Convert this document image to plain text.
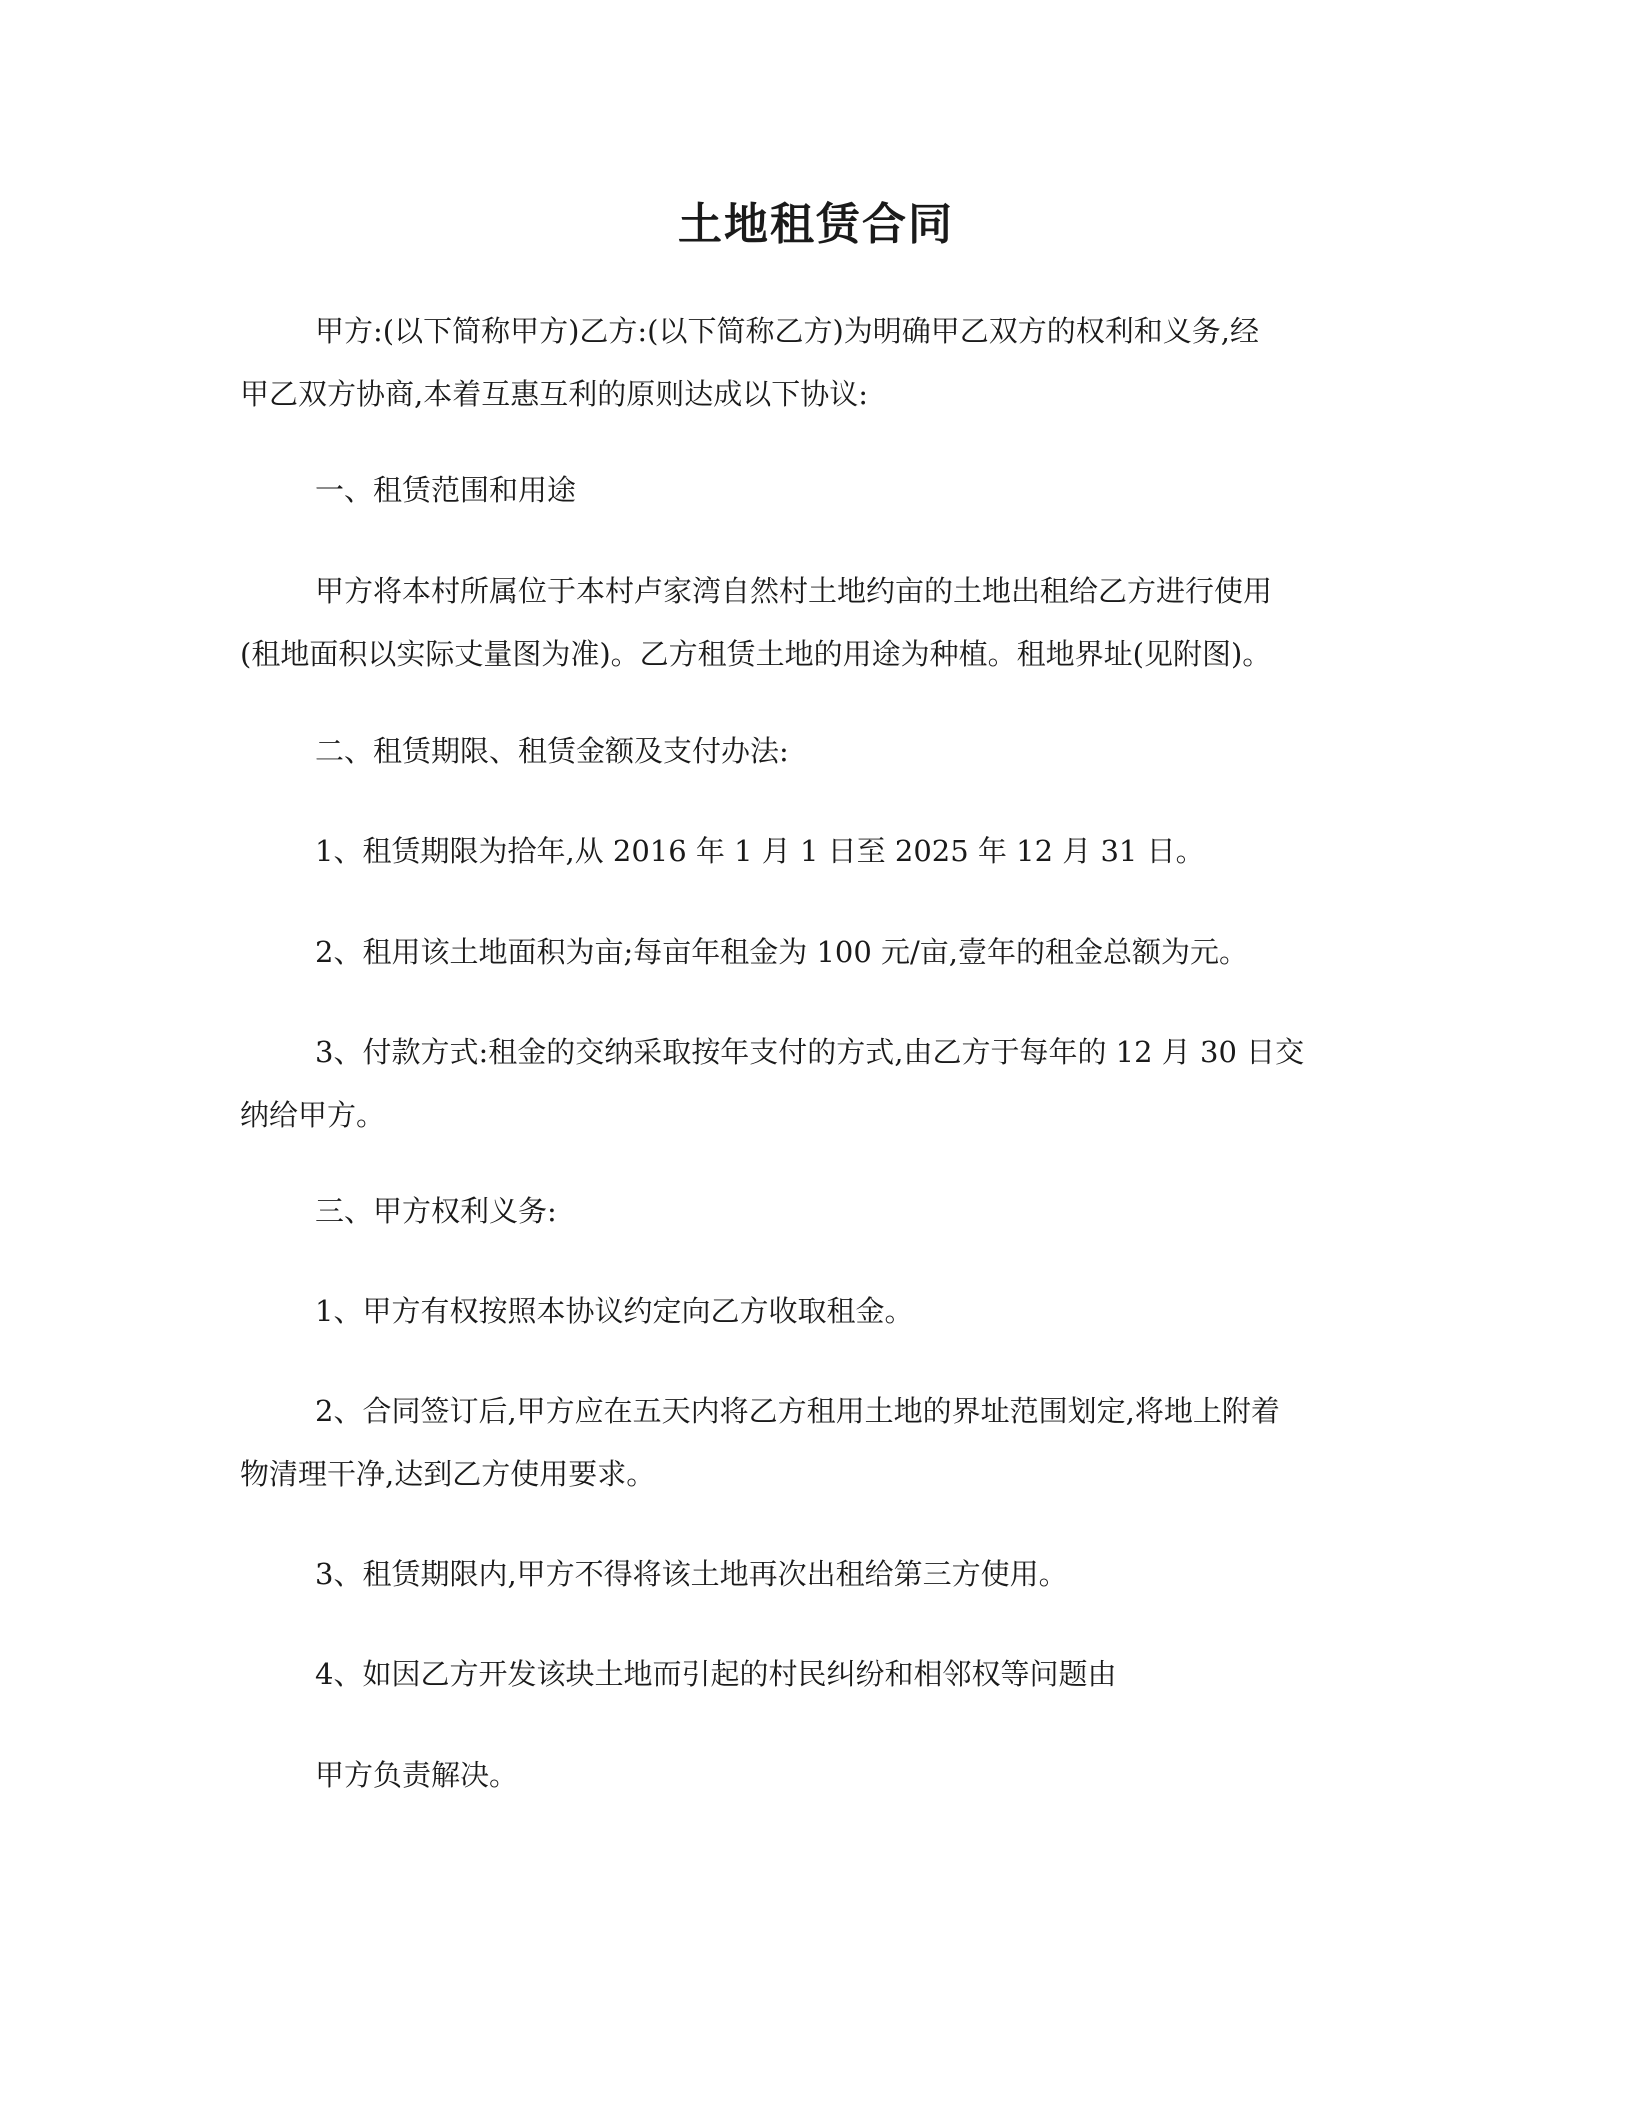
土地租赁合同
甲方:(以下简称甲方)乙方:(以下简称乙方)为明确甲乙双方的权利和义务,经
甲乙双方协商,本着互惠互利的原则达成以下协议:
一、租赁范围和用途
甲方将本村所属位于本村卢家湾自然村土地约亩的土地出租给乙方进行使用
(租地面积以实际丈量图为准)。乙方租赁土地的用途为种植。租地界址(见附图)。
二、租赁期限、租赁金额及支付办法:
1、租赁期限为拾年,从 2016 年 1 月 1 日至 2025 年 12 月 31 日。
2、租用该土地面积为亩;每亩年租金为 100 元/亩,壹年的租金总额为元。
3、付款方式:租金的交纳采取按年支付的方式,由乙方于每年的 12 月 30 日交
纳给甲方。
三、甲方权利义务:
1、甲方有权按照本协议约定向乙方收取租金。
2、合同签订后,甲方应在五天内将乙方租用土地的界址范围划定,将地上附着
物清理干净,达到乙方使用要求。
3、租赁期限内,甲方不得将该土地再次出租给第三方使用。
4、如因乙方开发该块土地而引起的村民纠纷和相邻权等问题由
甲方负责解决。
